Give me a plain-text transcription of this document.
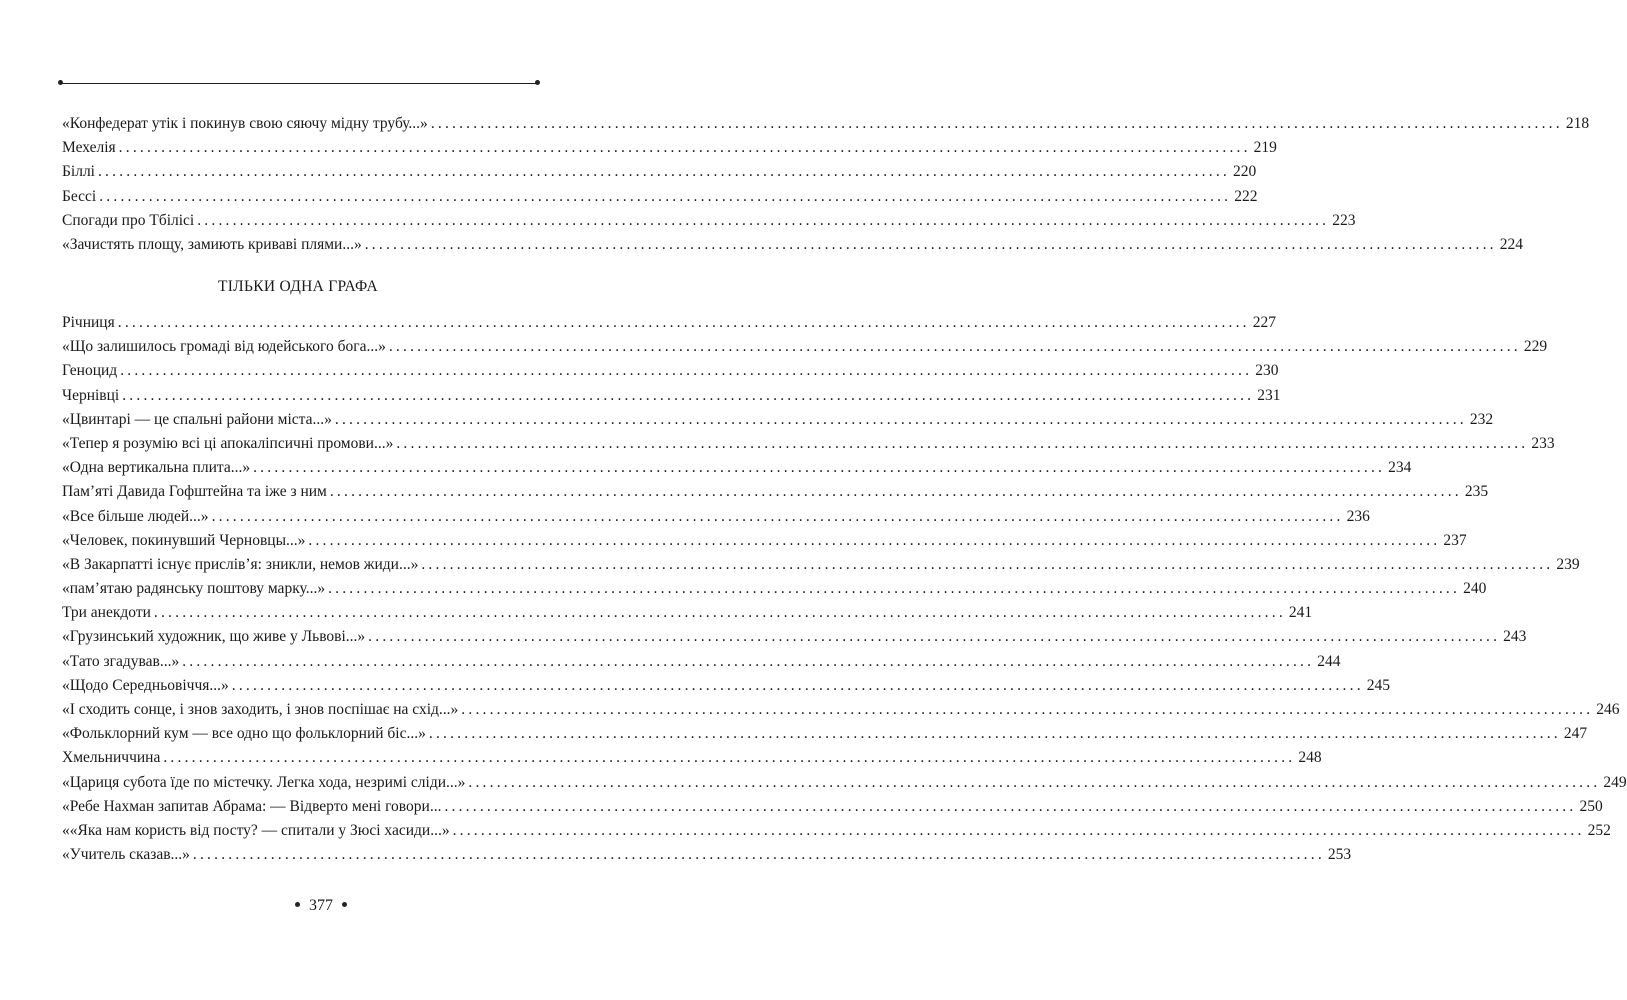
«Конфедерат утік і покинув свою сяючу мідну трубу...» ................................................................................................................................................................ 218
Мехелія ................................................................................................................................................................ 219
Біллі ................................................................................................................................................................ 220
Бессі ................................................................................................................................................................ 222
Спогади про Тбілісі ................................................................................................................................................................ 223
«Зачистять площу, замиють криваві плями...» ................................................................................................................................................................ 224
ТІЛЬКИ ОДНА ГРАФА
Річниця ................................................................................................................................................................ 227
«Що залишилось громаді від юдейського бога...» ................................................................................................................................................................ 229
Геноцид ................................................................................................................................................................ 230
Чернівці ................................................................................................................................................................ 231
«Цвинтарі — це спальні райони міста...» ................................................................................................................................................................ 232
«Тепер я розумію всі ці апокаліпсичні промови...» ................................................................................................................................................................ 233
«Одна вертикальна плита...» ................................................................................................................................................................ 234
Пам’яті Давида Гофштейна та іже з ним ................................................................................................................................................................ 235
«Все більше людей...» ................................................................................................................................................................ 236
«Человек, покинувший Черновцы...» ................................................................................................................................................................ 237
«В Закарпатті існує прислів’я: зникли, немов жиди...» ................................................................................................................................................................ 239
«пам’ятаю радянську поштову марку...» ................................................................................................................................................................ 240
Три анекдоти ................................................................................................................................................................ 241
«Грузинський художник, що живе у Львові...» ................................................................................................................................................................ 243
«Тато згадував...» ................................................................................................................................................................ 244
«Щодо Середньовіччя...» ................................................................................................................................................................ 245
«І сходить сонце, і знов заходить, і знов поспішає на схід...» ................................................................................................................................................................ 246
«Фольклорний кум — все одно що фольклорний біс...» ................................................................................................................................................................ 247
Хмельниччина ................................................................................................................................................................ 248
«Цариця субота їде по містечку. Легка хода, незримі сліди...» ................................................................................................................................................................ 249
«Ребе Нахман запитав Абрама: — Відверто мені говори... ................................................................................................................................................................ 250
««Яка нам користь від посту? — спитали у Зюсі хасиди...» ................................................................................................................................................................ 252
«Учитель сказав...» ................................................................................................................................................................ 253
377
